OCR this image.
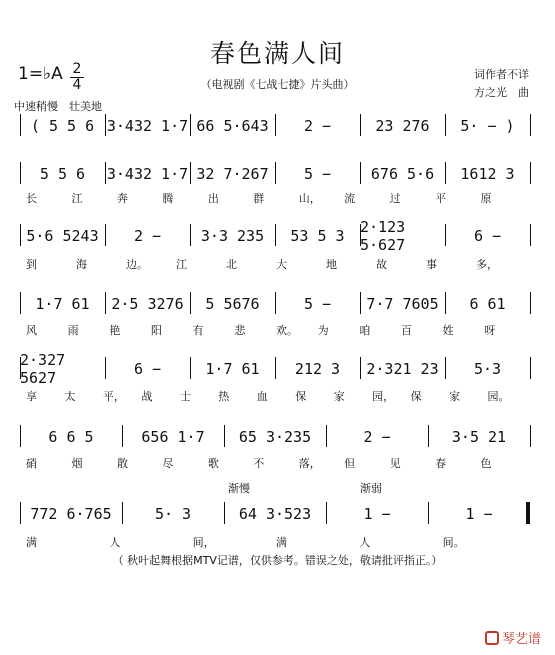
春色满人间
（电视剧《七战七捷》片头曲）
1=♭A 2
4
词作者不详
方之光　曲
中速稍慢　壮美地
( 5 5 6 3·432 1·7 66 5·643	2 −	23 276	5· − )
5 5 6	3·432 1·7 32 7·267	5 −	676 5·6	1612 3
长	江	奔	腾	出	群	山， 流	过	平	原
5·6 5243	2 −	3·3 235	53 5 3	2·123 5·627	6 −
到	海	边。	江	北	大	地	故	事	多，
1·7 61	2·5 3276	5 5676	5 −	7·7 7605	6 61
风	雨	艳	阳	有	悲	欢。 为	咱	百	姓	呀
2·327 5627	6 −	1·7 61	212 3	2·321 23	5·3
享 太 平， 战 士 热 血 保 家 园， 保 家 园。
6 6 5	656 1·7	65 3·235	2 −	3·5 21
硝	烟	散	尽	歌	不	落， 但	见	春	色
渐慢	渐弱
772 6·765	5· 3	64 3·523	1 −	1 −
满	人	间，	满	人	间。
（ 秋叶起舞根据MTV记谱，仅供参考。错误之处，敬请批评指正。）
琴艺谱
